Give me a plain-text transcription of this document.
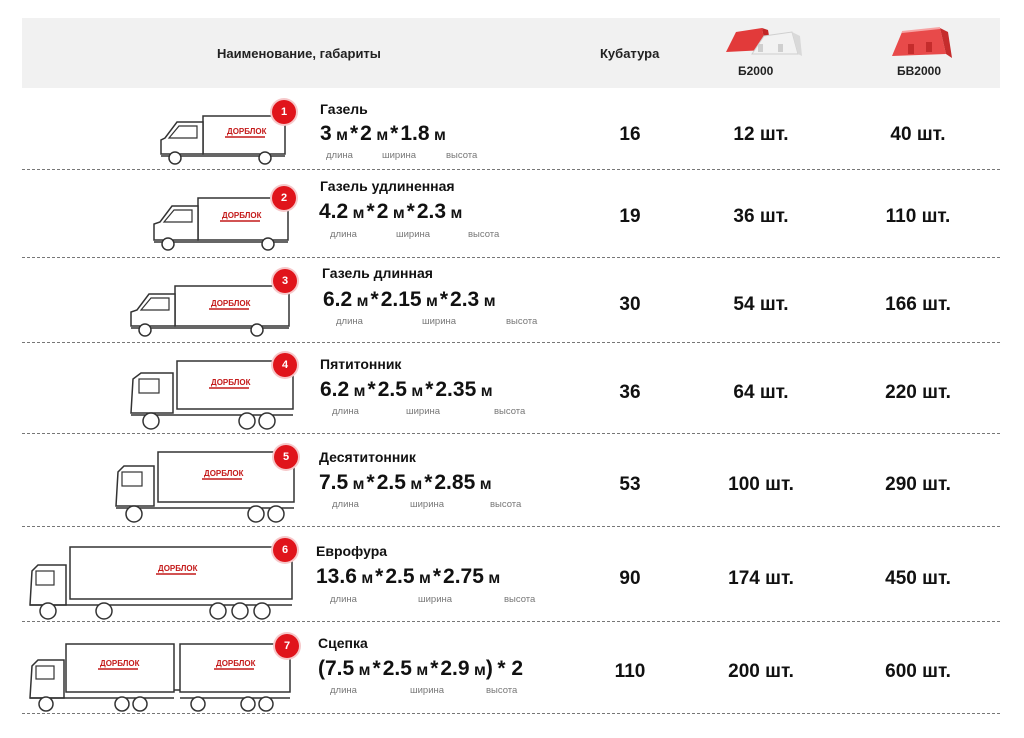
Наименование, габариты	Кубатура
Б2000	БВ2000
ДОРБЛОК
1	Газель
3 м*2 м*1.8 м
длина	ширина	высота
16	12 шт.	40 шт.
ДОРБЛОК
2
Газель удлиненная
4.2 м*2 м*2.3 м
длина	ширина	высота
19	36 шт.	110 шт.
ДОРБЛОК
3	Газель длинная
6.2 м*2.15 м*2.3 м
длина	ширина	высота
30	54 шт.	166 шт.
ДОРБЛОК
4	Пятитонник
6.2 м*2.5 м*2.35 м
длина	ширина	высота
36	64 шт.	220 шт.
ДОРБЛОК
5	Десятитонник
7.5 м*2.5 м*2.85 м
длина	ширина	высота
53	100 шт.	290 шт.
ДОРБЛОК
6	Еврофура
13.6 м*2.5 м*2.75 м
длина	ширина	высота
90	174 шт.	450 шт.
ДОРБЛОК	ДОРБЛОК
7	Сцепка
(7.5 м*2.5 м*2.9 м) * 2
длина	ширина	высота
110	200 шт.	600 шт.
